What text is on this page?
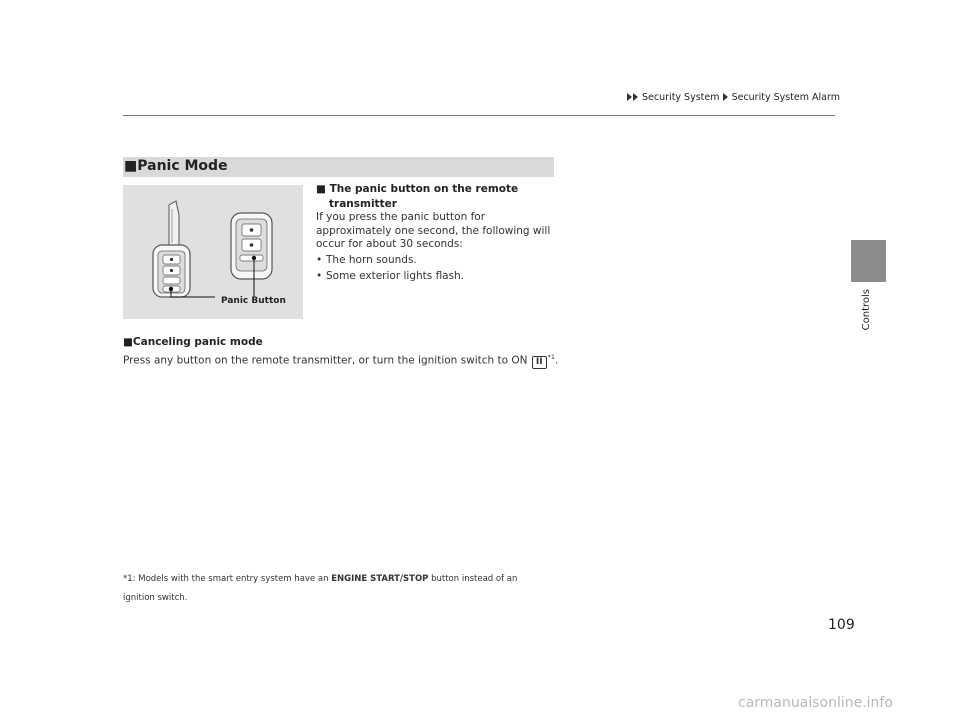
Security System Security System Alarm
Controls
■Panic Mode
Panic Button
■ The panic button on the remote
transmitter
If you press the panic button for
approximately one second, the following will
occur for about 30 seconds:
• The horn sounds.
• Some exterior lights flash.
■Canceling panic mode
Press any button on the remote transmitter, or turn the ignition switch to ON II $^{*1}$.
*1: Models with the smart entry system have an ENGINE START/STOP button instead of an
ignition switch.
109
carmanualsonline.info
